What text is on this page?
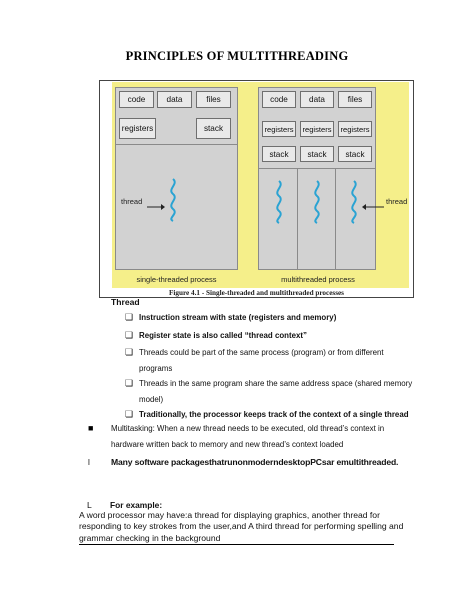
PRINCIPLES OF MULTITHREADING
code	data	files
registers	stack
thread
single-threaded process
code	data	files
registers	registers	registers
stack	stack	stack
thread
multithreaded process
Figure 4.1 - Single-threaded and multithreaded processes
Thread
❏ Instruction stream with state (registers and memory)
❏ Register state is also called “thread context”
❏ Threads could be part of the same process (program) or from different
programs
❏ Threads in the same program share the same address space (shared memory
model)
❏ Traditionally, the processor keeps track of the context of a single thread
■	Multitasking: When a new thread needs to be executed, old thread’s context in
hardware written back to memory and new thread’s context loaded
l Many software packagesthatrunonmoderndesktopPCsar emultithreaded.
L For example:
A word processor may have:a thread for displaying graphics, another thread for
responding to key strokes from the user,and A third thread for performing spelling and
grammar checking in the background
